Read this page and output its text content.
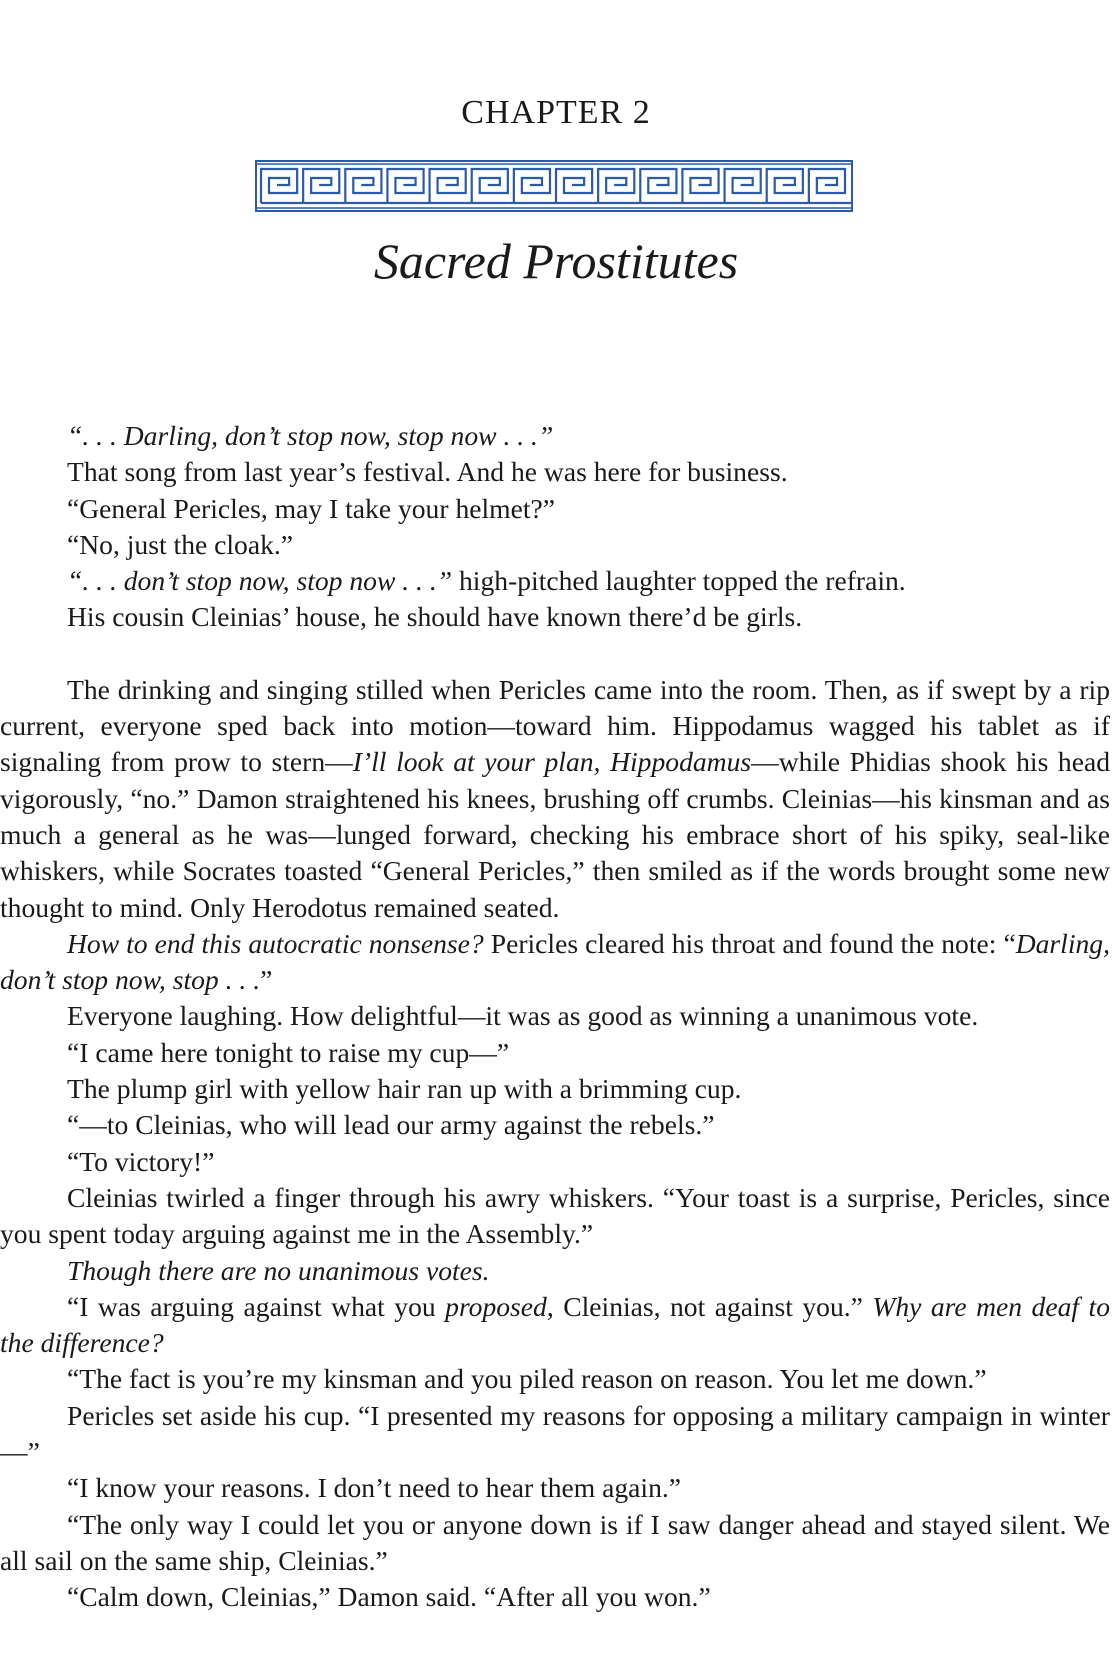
CHAPTER 2
Sacred Prostitutes

“. . . Darling, don’t stop now, stop now . . .”

That song from last year’s festival. And he was here for business.

“General Pericles, may I take your helmet?”

“No, just the cloak.”

“. . . don’t stop now, stop now . . .” high-pitched laughter topped the refrain.

His cousin Cleinias’ house, he should have known there’d be girls.

The drinking and singing stilled when Pericles came into the room. Then, as if swept by a rip current, everyone sped back into motion—toward him. Hippodamus wagged his tablet as if signaling from prow to stern—I’ll look at your plan, Hippodamus—while Phidias shook his head vigorously, “no.” Damon straightened his knees, brushing off crumbs. Cleinias—his kinsman and as much a general as he was—lunged forward, checking his embrace short of his spiky, seal-like whiskers, while Socrates toasted “General Pericles,” then smiled as if the words brought some new thought to mind. Only Herodotus remained seated.

How to end this autocratic nonsense? Pericles cleared his throat and found the note: “Darling, don’t stop now, stop . . .”

Everyone laughing. How delightful—it was as good as winning a unanimous vote.

“I came here tonight to raise my cup—”

The plump girl with yellow hair ran up with a brimming cup.

“—to Cleinias, who will lead our army against the rebels.”

“To victory!”

Cleinias twirled a finger through his awry whiskers. “Your toast is a surprise, Pericles, since you spent today arguing against me in the Assembly.”

Though there are no unanimous votes.

“I was arguing against what you proposed, Cleinias, not against you.” Why are men deaf to the difference?

“The fact is you’re my kinsman and you piled reason on reason. You let me down.”

Pericles set aside his cup. “I presented my reasons for opposing a military campaign in winter—”

“I know your reasons. I don’t need to hear them again.”

“The only way I could let you or anyone down is if I saw danger ahead and stayed silent. We all sail on the same ship, Cleinias.”

“Calm down, Cleinias,” Damon said. “After all you won.”
